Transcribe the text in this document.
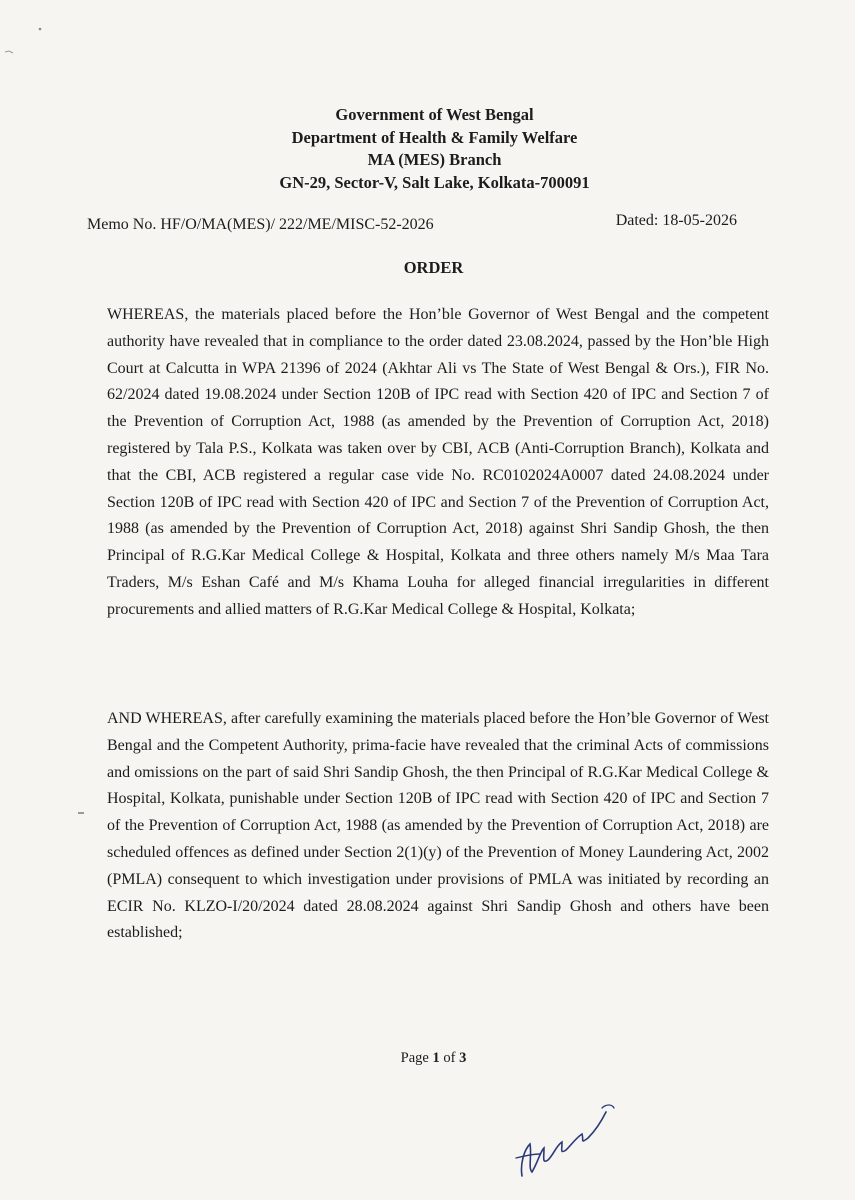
Government of West Bengal
Department of Health & Family Welfare
MA (MES) Branch
GN-29, Sector-V, Salt Lake, Kolkata-700091
Memo No. HF/O/MA(MES)/ 222/ME/MISC-52-2026	Dated: 18-05-2026
ORDER
WHEREAS, the materials placed before the Hon’ble Governor of West Bengal and the competent authority have revealed that in compliance to the order dated 23.08.2024, passed by the Hon’ble High Court at Calcutta in WPA 21396 of 2024 (Akhtar Ali vs The State of West Bengal & Ors.), FIR No. 62/2024 dated 19.08.2024 under Section 120B of IPC read with Section 420 of IPC and Section 7 of the Prevention of Corruption Act, 1988 (as amended by the Prevention of Corruption Act, 2018) registered by Tala P.S., Kolkata was taken over by CBI, ACB (Anti-Corruption Branch), Kolkata and that the CBI, ACB registered a regular case vide No. RC0102024A0007 dated 24.08.2024 under Section 120B of IPC read with Section 420 of IPC and Section 7 of the Prevention of Corruption Act, 1988 (as amended by the Prevention of Corruption Act, 2018) against Shri Sandip Ghosh, the then Principal of R.G.Kar Medical College & Hospital, Kolkata and three others namely M/s Maa Tara Traders, M/s Eshan Café and M/s Khama Louha for alleged financial irregularities in different procurements and allied matters of R.G.Kar Medical College & Hospital, Kolkata;
AND WHEREAS, after carefully examining the materials placed before the Hon’ble Governor of West Bengal and the Competent Authority, prima-facie have revealed that the criminal Acts of commissions and omissions on the part of said Shri Sandip Ghosh, the then Principal of R.G.Kar Medical College & Hospital, Kolkata, punishable under Section 120B of IPC read with Section 420 of IPC and Section 7 of the Prevention of Corruption Act, 1988 (as amended by the Prevention of Corruption Act, 2018) are scheduled offences as defined under Section 2(1)(y) of the Prevention of Money Laundering Act, 2002 (PMLA) consequent to which investigation under provisions of PMLA was initiated by recording an ECIR No. KLZO-I/20/2024 dated 28.08.2024 against Shri Sandip Ghosh and others have been established;
Page 1 of 3
